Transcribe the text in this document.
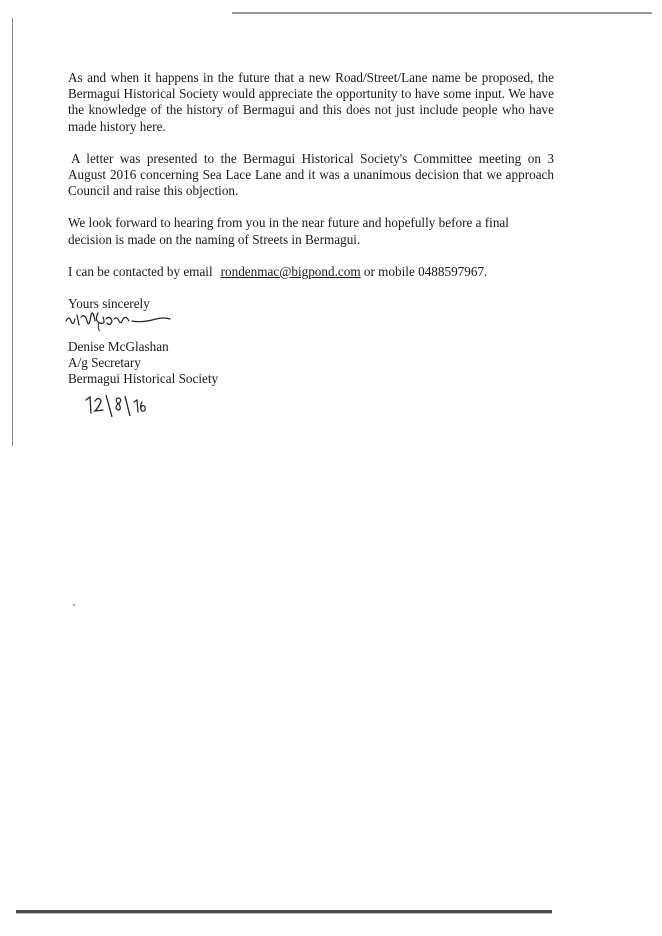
As and when it happens in the future that a new Road/Street/Lane name be proposed, the Bermagui Historical Society would appreciate the opportunity to have some input. We have the knowledge of the history of Bermagui and this does not just include people who have made history here.

A letter was presented to the Bermagui Historical Society's Committee meeting on 3 August 2016 concerning Sea Lace Lane and it was a unanimous decision that we approach Council and raise this objection.

We look forward to hearing from you in the near future and hopefully before a final decision is made on the naming of Streets in Bermagui.

I can be contacted by email rondenmac@bigpond.com or mobile 0488597967.

Yours sincerely

Denise McGlashan
A/g Secretary
Bermagui Historical Society
